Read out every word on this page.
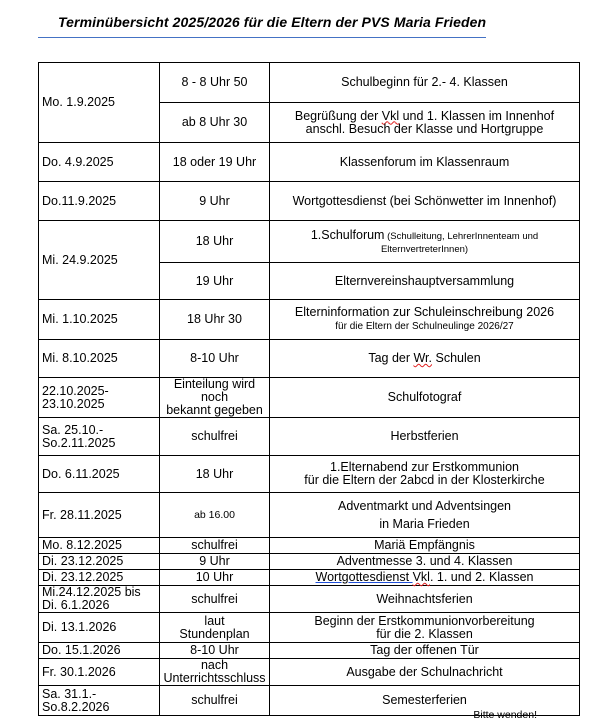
Terminübersicht 2025/2026 für die Eltern der PVS Maria Frieden
Mo. 1.9.2025	8 - 8 Uhr 50	Schulbeginn für 2.- 4. Klassen
	ab 8 Uhr 30	Begrüßung der Vkl und 1. Klassen im Innenhof
anschl. Besuch der Klasse und Hortgruppe
Do. 4.9.2025	18 oder 19 Uhr	Klassenforum im Klassenraum
Do.11.9.2025	9 Uhr	Wortgottesdienst (bei Schönwetter im Innenhof)
Mi. 24.9.2025	18 Uhr	1.Schulforum (Schulleitung, LehrerInnenteam und
ElternvertreterInnen)
	19 Uhr	Elternvereinshauptversammlung
Mi. 1.10.2025	18 Uhr 30	Elterninformation zur Schuleinschreibung 2026
für die Eltern der Schulneulinge 2026/27
Mi. 8.10.2025	8-10 Uhr	Tag der Wr. Schulen
22.10.2025-
23.10.2025	Einteilung wird noch
bekannt gegeben	Schulfotograf
Sa. 25.10.-
So.2.11.2025	schulfrei	Herbstferien
Do. 6.11.2025	18 Uhr	1.Elternabend zur Erstkommunion
für die Eltern der 2abcd in der Klosterkirche
Fr. 28.11.2025	ab 16.00	Adventmarkt und Adventsingen
in Maria Frieden
Mo. 8.12.2025	schulfrei	Mariä Empfängnis
Di. 23.12.2025	9 Uhr	Adventmesse 3. und 4. Klassen
Di. 23.12.2025	10 Uhr	Wortgottesdienst Vkl. 1. und 2. Klassen
Mi.24.12.2025 bis
Di. 6.1.2026	schulfrei	Weihnachtsferien
Di. 13.1.2026	laut
Stundenplan	Beginn der Erstkommunionvorbereitung
für die 2. Klassen
Do. 15.1.2026	8-10 Uhr	Tag der offenen Tür
Fr. 30.1.2026	nach Unterrichtsschluss	Ausgabe der Schulnachricht
Sa. 31.1.-
So.8.2.2026	schulfrei	Semesterferien
Bitte wenden!
